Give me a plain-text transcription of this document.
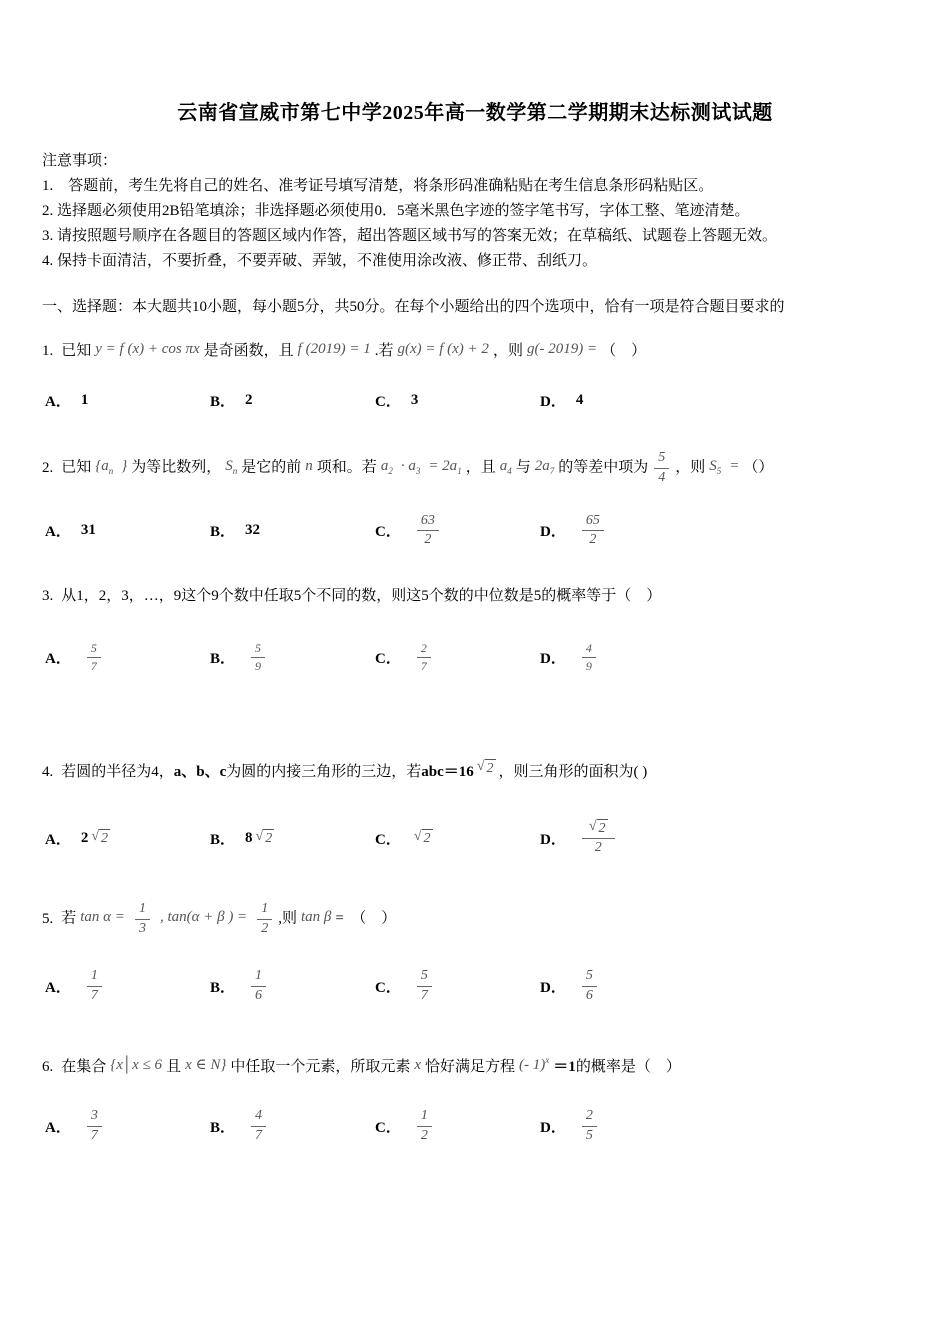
云南省宣威市第七中学2025年高一数学第二学期期末达标测试试题
注意事项：
1.    答题前，考生先将自己的姓名、准考证号填写清楚，将条形码准确粘贴在考生信息条形码粘贴区。
2. 选择题必须使用2B铅笔填涂；非选择题必须使用0．5毫米黑色字迹的签字笔书写，字体工整、笔迹清楚。
3. 请按照题号顺序在各题目的答题区域内作答，超出答题区域书写的答案无效；在草稿纸、试题卷上答题无效。
4. 保持卡面清洁，不要折叠，不要弄破、弄皱，不准使用涂改液、修正带、刮纸刀。
一、选择题：本大题共10小题，每小题5分，共50分。在每个小题给出的四个选项中，恰有一项是符合题目要求的
1. 已知 y = f (x) + cos πx 是奇函数，且 f (2019) = 1 .若 g(x) = f (x) + 2 ，则 g(- 2019) = （　）
A． 1	B． 2	C． 3	D． 4
2. 已知 {$a_n$ } 为等比数列， $S_n$ 是它的前 n 项和。若 $a_2 \cdot a_3 = 2a_1$ ，且 $a_4$ 与 $2a_7$ 的等差中项为 $\frac{5}{4}$ ，则 $S_5$ = （）
A． 31	B． 32	C． $\frac{63}{2}$	D． $\frac{65}{2}$
3. 从1，2，3，…，9这个9个数中任取5个不同的数，则这5个数的中位数是5的概率等于（　）
A． $\frac{5}{7}$	B． $\frac{5}{9}$	C． $\frac{2}{7}$	D． $\frac{4}{9}$
4. 若圆的半径为4，a、b、c为圆的内接三角形的三边，若abc＝16 √ 2 ，则三角形的面积为( )
A． 2 √ 2	B． 8 √ 2	C． √ 2	D． $\frac{√ 2}{2}$
5. 若 $\tan \alpha = \frac{1}{3}$ , tan(α + β ) = $\frac{1}{2}$ ,则 tan β =　（　）
A． $\frac{1}{7}$	B． $\frac{1}{6}$	C． $\frac{5}{7}$	D． $\frac{5}{6}$
6. 在集合 {x│x ≤ 6 且 x ∈ N} 中任取一个元素，所取元素 x 恰好满足方程 (- 1)$^x$ ＝1的概率是（　）
A． $\frac{3}{7}$	B． $\frac{4}{7}$	C． $\frac{1}{2}$	D． $\frac{2}{5}$
